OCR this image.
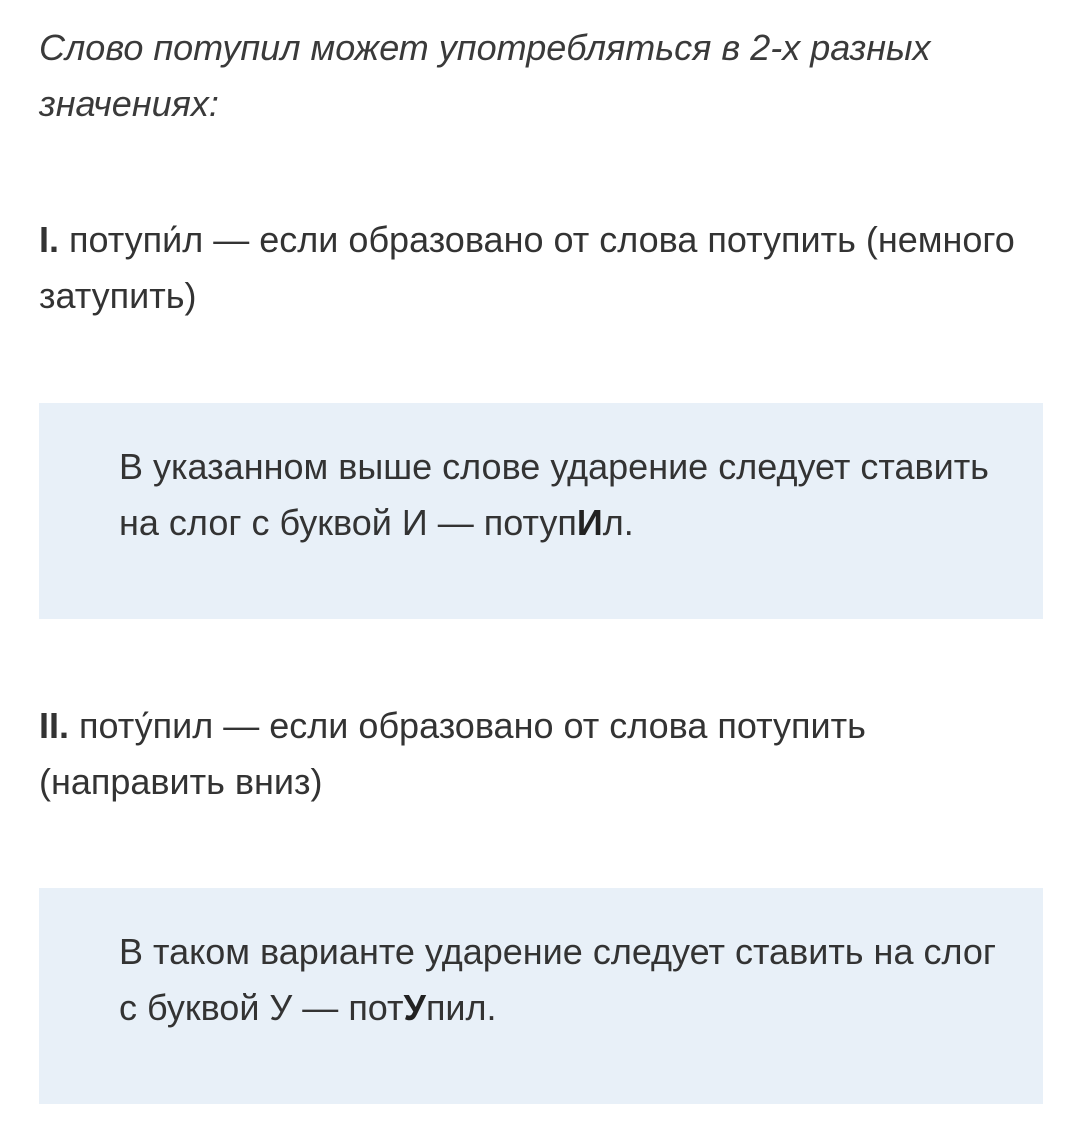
Слово потупил может употребляться в 2-х разных значениях:

I. потупи́л — если образовано от слова потупить (немного затупить)

В указанном выше слове ударение следует ставить на слог с буквой И — потупИл.

II. поту́пил — если образовано от слова потупить (направить вниз)

В таком варианте ударение следует ставить на слог с буквой У — потУпил.
